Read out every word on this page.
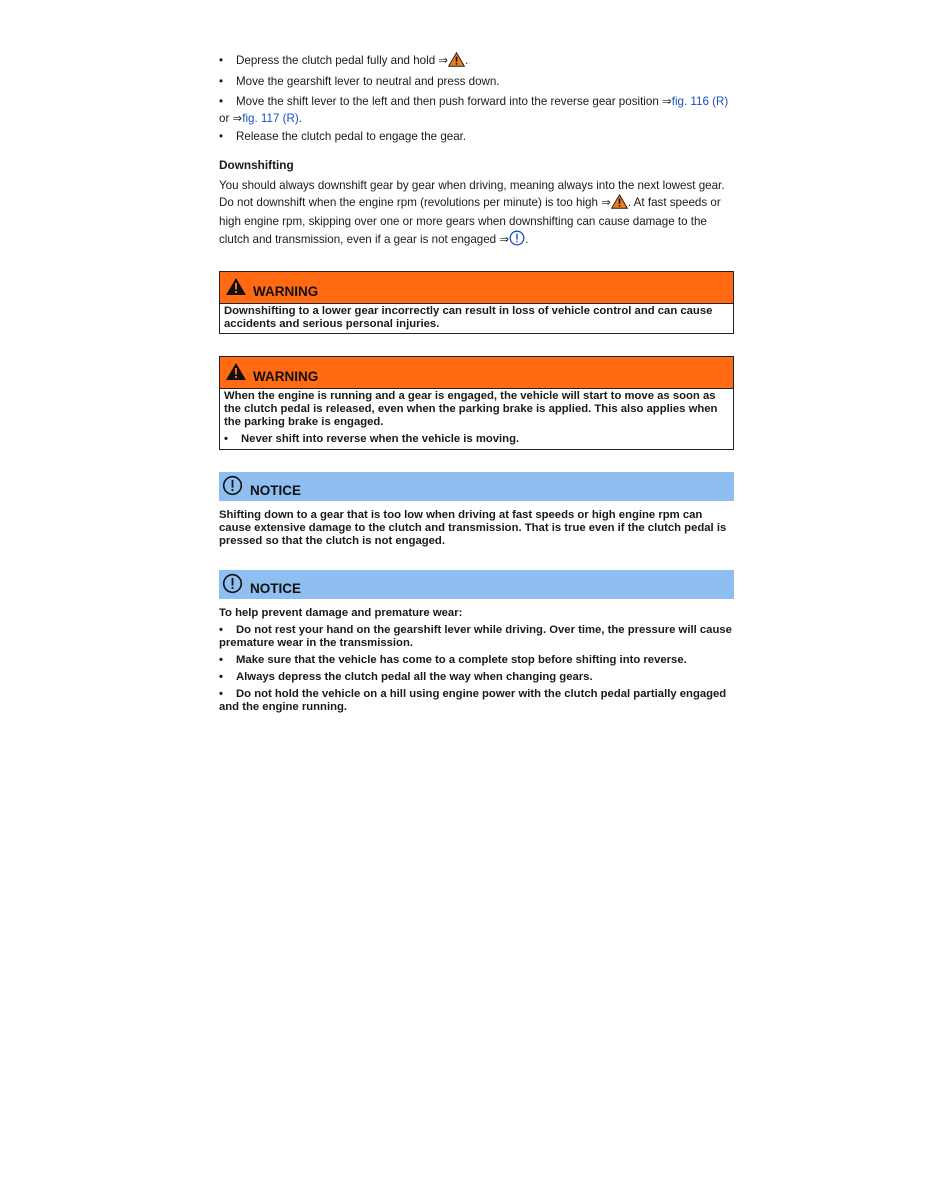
• Depress the clutch pedal fully and hold ⇒ .
• Move the gearshift lever to neutral and press down.
• Move the shift lever to the left and then push forward into the reverse gear position ⇒fig. 116 (R) or ⇒fig. 117 (R).
• Release the clutch pedal to engage the gear.
Downshifting

You should always downshift gear by gear when driving, meaning always into the next lowest gear. Do not downshift when the engine rpm (revolutions per minute) is too high ⇒ . At fast speeds or high engine rpm, skipping over one or more gears when downshifting can cause damage to the clutch and transmission, even if a gear is not engaged ⇒ .

WARNING
Downshifting to a lower gear incorrectly can result in loss of vehicle control and can cause accidents and serious personal injuries.
WARNING
When the engine is running and a gear is engaged, the vehicle will start to move as soon as the clutch pedal is released, even when the parking brake is applied. This also applies when the parking brake is engaged.
• Never shift into reverse when the vehicle is moving.
NOTICE
Shifting down to a gear that is too low when driving at fast speeds or high engine rpm can cause extensive damage to the clutch and transmission. That is true even if the clutch pedal is pressed so that the clutch is not engaged.
NOTICE
To help prevent damage and premature wear:
• Do not rest your hand on the gearshift lever while driving. Over time, the pressure will cause premature wear in the transmission.
• Make sure that the vehicle has come to a complete stop before shifting into reverse.
• Always depress the clutch pedal all the way when changing gears.
• Do not hold the vehicle on a hill using engine power with the clutch pedal partially engaged and the engine running.
